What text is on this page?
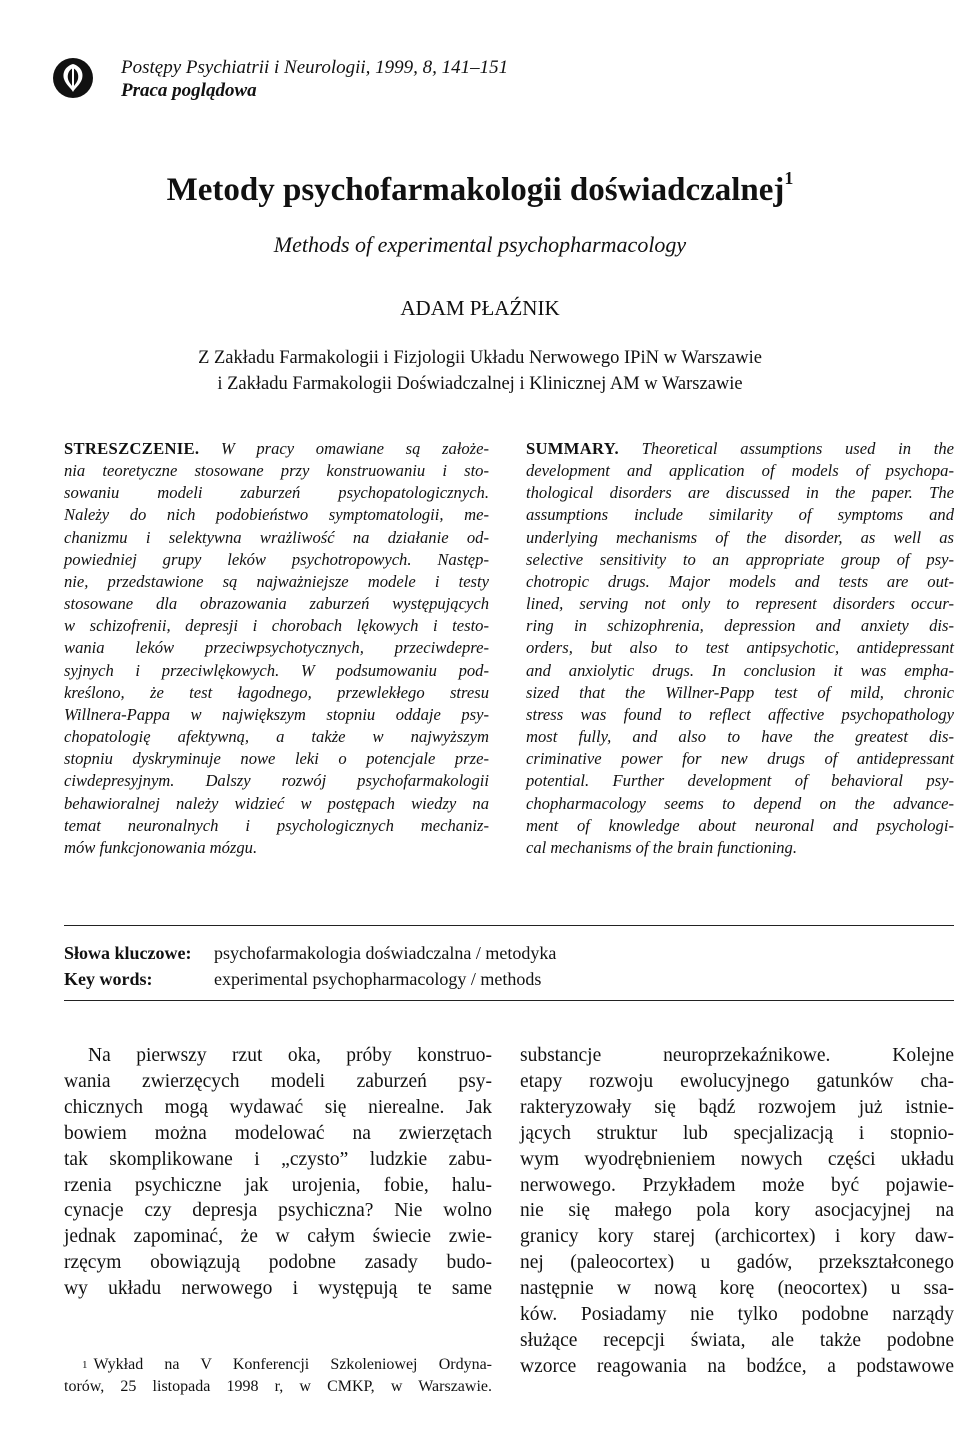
Postępy Psychiatrii i Neurologii, 1999, 8, 141–151
Praca poglądowa
Metody psychofarmakologii doświadczalnej$^1$
Methods of experimental psychopharmacology
ADAM PŁAŹNIK
Z Zakładu Farmakologii i Fizjologii Układu Nerwowego IPiN w Warszawie
i Zakładu Farmakologii Doświadczalnej i Klinicznej AM w Warszawie
STRESZCZENIE. W pracy omawiane są założe-
nia teoretyczne stosowane przy konstruowaniu i sto-
sowaniu modeli zaburzeń psychopatologicznych.
Należy do nich podobieństwo symptomatologii, me-
chanizmu i selektywna wrażliwość na działanie od-
powiedniej grupy leków psychotropowych. Następ-
nie, przedstawione są najważniejsze modele i testy
stosowane dla obrazowania zaburzeń występujących
w schizofrenii, depresji i chorobach lękowych i testo-
wania leków przeciwpsychotycznych, przeciwdepre-
syjnych i przeciwlękowych. W podsumowaniu pod-
kreślono, że test łagodnego, przewlekłego stresu
Willnera-Pappa w największym stopniu oddaje psy-
chopatologię afektywną, a także w najwyższym
stopniu dyskryminuje nowe leki o potencjale prze-
ciwdepresyjnym. Dalszy rozwój psychofarmakologii
behawioralnej należy widzieć w postępach wiedzy na
temat neuronalnych i psychologicznych mechaniz-
mów funkcjonowania mózgu.
SUMMARY. Theoretical assumptions used in the
development and application of models of psychopa-
thological disorders are discussed in the paper. The
assumptions include similarity of symptoms and
underlying mechanisms of the disorder, as well as
selective sensitivity to an appropriate group of psy-
chotropic drugs. Major models and tests are out-
lined, serving not only to represent disorders occur-
ring in schizophrenia, depression and anxiety dis-
orders, but also to test antipsychotic, antidepressant
and anxiolytic drugs. In conclusion it was empha-
sized that the Willner-Papp test of mild, chronic
stress was found to reflect affective psychopathology
most fully, and also to have the greatest dis-
criminative power for new drugs of antidepressant
potential. Further development of behavioral psy-
chopharmacology seems to depend on the advance-
ment of knowledge about neuronal and psychologi-
cal mechanisms of the brain functioning.
Słowa kluczowe: psychofarmakologia doświadczalna / metodyka
Key words:	experimental psychopharmacology / methods
Na pierwszy rzut oka, próby konstruo-
wania zwierzęcych modeli zaburzeń psy-
chicznych mogą wydawać się nierealne. Jak
bowiem można modelować na zwierzętach
tak skomplikowane i „czysto” ludzkie zabu-
rzenia psychiczne jak urojenia, fobie, halu-
cynacje czy depresja psychiczna? Nie wolno
jednak zapominać, że w całym świecie zwie-
rzęcym obowiązują podobne zasady budo-
wy układu nerwowego i występują te same
substancje neuroprzekaźnikowe. Kolejne
etapy rozwoju ewolucyjnego gatunków cha-
rakteryzowały się bądź rozwojem już istnie-
jących struktur lub specjalizacją i stopnio-
wym wyodrębnieniem nowych części układu
nerwowego. Przykładem może być pojawie-
nie się małego pola kory asocjacyjnej na
granicy kory starej (archicortex) i kory daw-
nej (paleocortex) u gadów, przekształconego
następnie w nową korę (neocortex) u ssa-
ków. Posiadamy nie tylko podobne narządy
służące recepcji świata, ale także podobne
wzorce reagowania na bodźce, a podstawowe
$^1$ Wykład na V Konferencji Szkoleniowej Ordyna-
torów, 25 listopada 1998 r, w CMKP, w Warszawie.
